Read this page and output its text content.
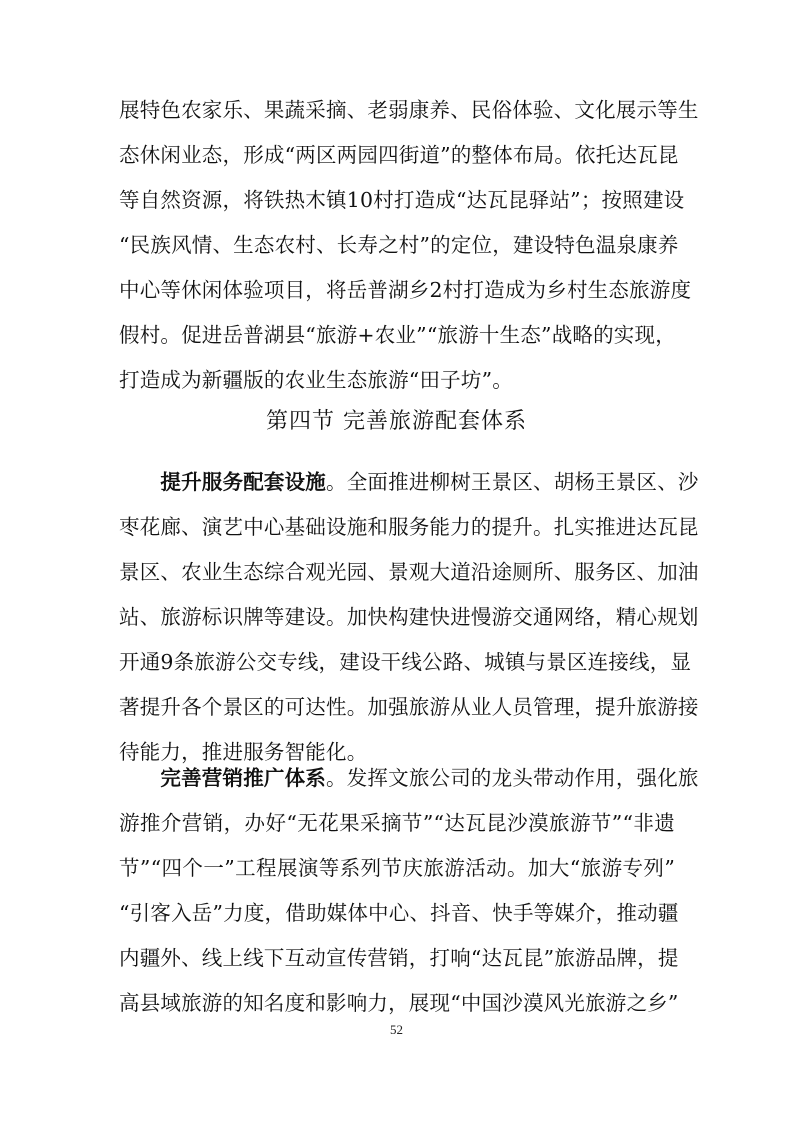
展特色农家乐、果蔬采摘、老弱康养、民俗体验、文化展示等生
态休闲业态，形成“两区两园四街道”的整体布局。依托达瓦昆
等自然资源，将铁热木镇10村打造成“达瓦昆驿站”；按照建设
“民族风情、生态农村、长寿之村”的定位，建设特色温泉康养
中心等休闲体验项目，将岳普湖乡2村打造成为乡村生态旅游度
假村。促进岳普湖县“旅游+农业”“旅游十生态”战略的实现，
打造成为新疆版的农业生态旅游“田子坊”。
　　提升服务配套设施。全面推进柳树王景区、胡杨王景区、沙
枣花廊、演艺中心基础设施和服务能力的提升。扎实推进达瓦昆
景区、农业生态综合观光园、景观大道沿途厕所、服务区、加油
站、旅游标识牌等建设。加快构建快进慢游交通网络，精心规划
开通9条旅游公交专线，建设干线公路、城镇与景区连接线，显
著提升各个景区的可达性。加强旅游从业人员管理，提升旅游接
待能力，推进服务智能化。
　　完善营销推广体系。发挥文旅公司的龙头带动作用，强化旅
游推介营销，办好“无花果采摘节”“达瓦昆沙漠旅游节”“非遗
节”“四个一”工程展演等系列节庆旅游活动。加大“旅游专列”
“引客入岳”力度，借助媒体中心、抖音、快手等媒介，推动疆
内疆外、线上线下互动宣传营销，打响“达瓦昆”旅游品牌，提
高县域旅游的知名度和影响力，展现“中国沙漠风光旅游之乡”
第四节 完善旅游配套体系
52
